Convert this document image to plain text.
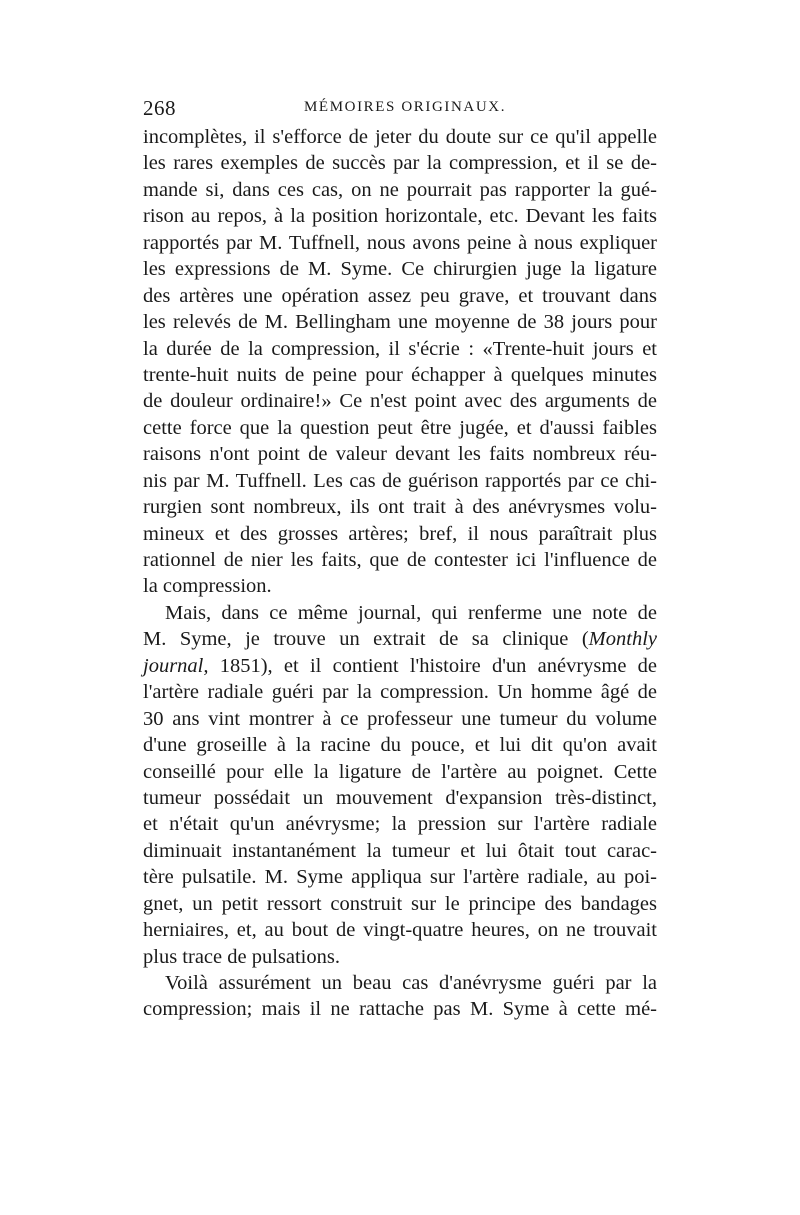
268	MÉMOIRES ORIGINAUX.
incomplètes, il s'efforce de jeter du doute sur ce qu'il appelle
les rares exemples de succès par la compression, et il se de-
mande si, dans ces cas, on ne pourrait pas rapporter la gué-
rison au repos, à la position horizontale, etc. Devant les faits
rapportés par M. Tuffnell, nous avons peine à nous expliquer
les expressions de M. Syme. Ce chirurgien juge la ligature
des artères une opération assez peu grave, et trouvant dans
les relevés de M. Bellingham une moyenne de 38 jours pour
la durée de la compression, il s'écrie : «Trente-huit jours et
trente-huit nuits de peine pour échapper à quelques minutes
de douleur ordinaire!» Ce n'est point avec des arguments de
cette force que la question peut être jugée, et d'aussi faibles
raisons n'ont point de valeur devant les faits nombreux réu-
nis par M. Tuffnell. Les cas de guérison rapportés par ce chi-
rurgien sont nombreux, ils ont trait à des anévrysmes volu-
mineux et des grosses artères; bref, il nous paraîtrait plus
rationnel de nier les faits, que de contester ici l'influence de
la compression.
Mais, dans ce même journal, qui renferme une note de
M. Syme, je trouve un extrait de sa clinique (Monthly
journal, 1851), et il contient l'histoire d'un anévrysme de
l'artère radiale guéri par la compression. Un homme âgé de
30 ans vint montrer à ce professeur une tumeur du volume
d'une groseille à la racine du pouce, et lui dit qu'on avait
conseillé pour elle la ligature de l'artère au poignet. Cette
tumeur possédait un mouvement d'expansion très-distinct,
et n'était qu'un anévrysme; la pression sur l'artère radiale
diminuait instantanément la tumeur et lui ôtait tout carac-
tère pulsatile. M. Syme appliqua sur l'artère radiale, au poi-
gnet, un petit ressort construit sur le principe des bandages
herniaires, et, au bout de vingt-quatre heures, on ne trouvait
plus trace de pulsations.
Voilà assurément un beau cas d'anévrysme guéri par la
compression; mais il ne rattache pas M. Syme à cette mé-
